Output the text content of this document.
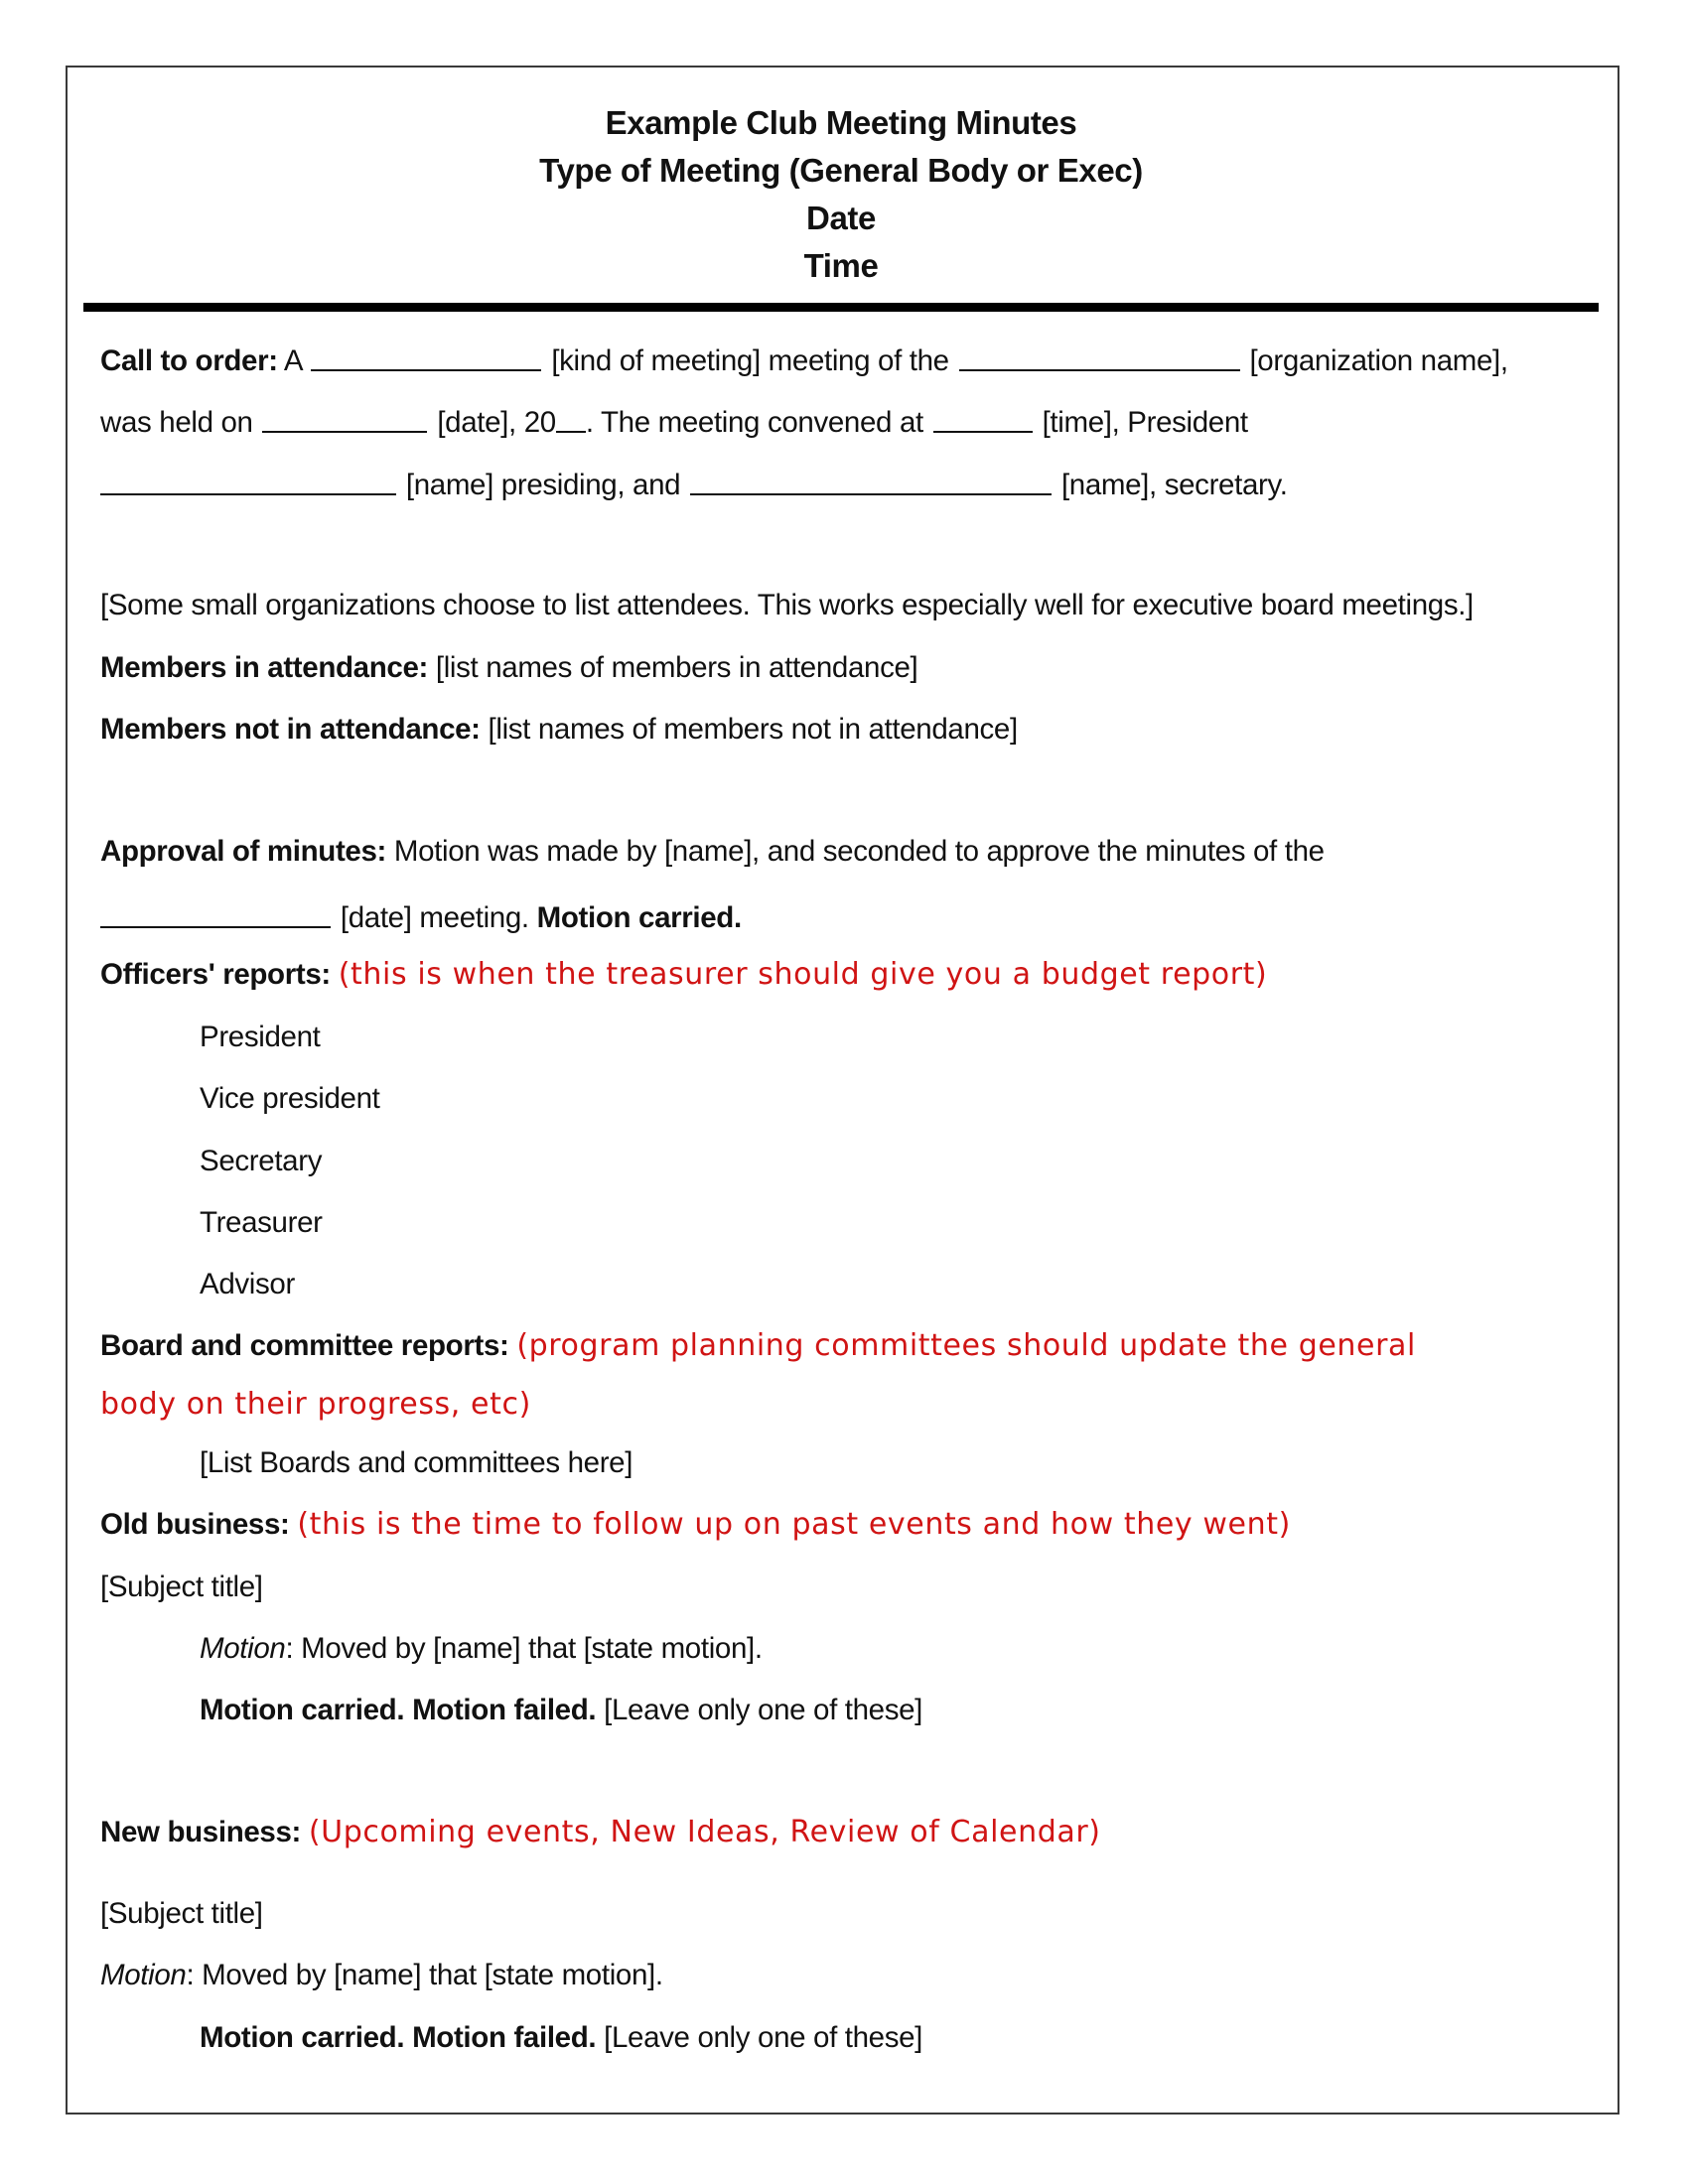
Example Club Meeting Minutes
Type of Meeting (General Body or Exec)
Date
Time
Call to order: A	[kind of meeting] meeting of the	[organization name],
was held on	[date], 20 . The meeting convened at	[time], President
[name] presiding, and	[name], secretary.
[Some small organizations choose to list attendees. This works especially well for executive board meetings.]
Members in attendance: [list names of members in attendance]
Members not in attendance: [list names of members not in attendance]
Approval of minutes: Motion was made by [name], and seconded to approve the minutes of the
[date] meeting. Motion carried.
Officers' reports: (this is when the treasurer should give you a budget report)
President
Vice president
Secretary
Treasurer
Advisor
Board and committee reports: (program planning committees should update the general
body on their progress, etc)
[List Boards and committees here]
Old business: (this is the time to follow up on past events and how they went)
[Subject title]
Motion: Moved by [name] that [state motion].
Motion carried. Motion failed. [Leave only one of these]
New business: (Upcoming events, New Ideas, Review of Calendar)
[Subject title]
Motion: Moved by [name] that [state motion].
Motion carried. Motion failed. [Leave only one of these]
